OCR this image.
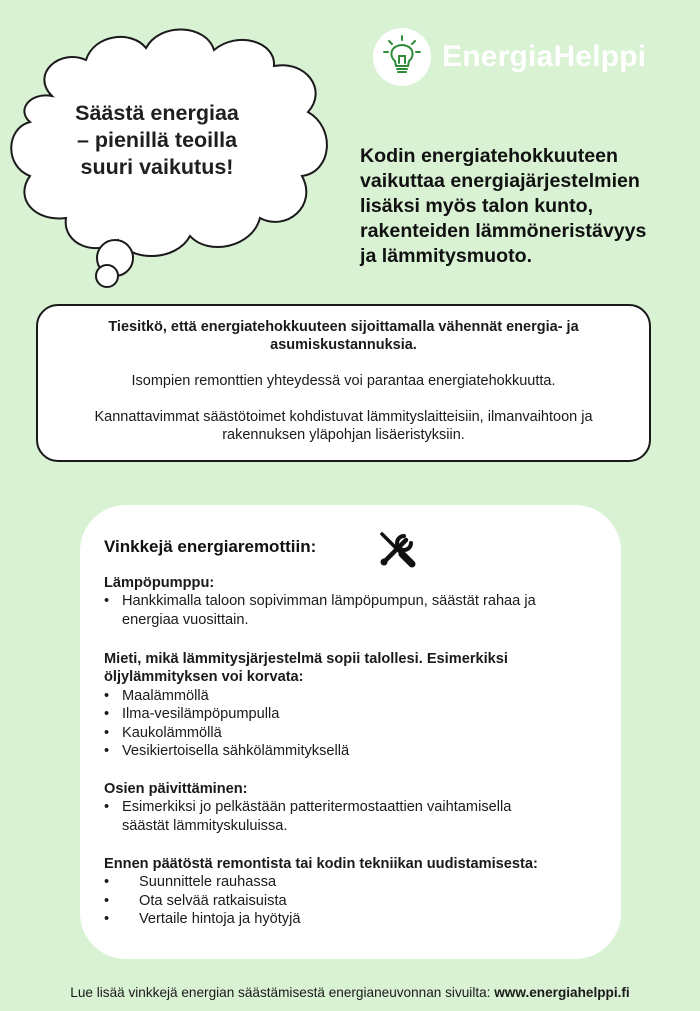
EnergiaHelppi
Säästä energiaa
– pienillä teoilla
suuri vaikutus!	Kodin energiatehokkuuteen
vaikuttaa energiajärjestelmien
lisäksi myös talon kunto,
rakenteiden lämmöneristävyys
ja lämmitysmuoto.

Tiesitkö, että energiatehokkuuteen sijoittamalla vähennät energia- ja

asumiskustannuksia.

Isompien remonttien yhteydessä voi parantaa energiatehokkuutta.

Kannattavimmat säästötoimet kohdistuvat lämmityslaitteisiin, ilmanvaihtoon ja

rakennuksen yläpohjan lisäeristyksiin.

Vinkkejä energiaremottiin:
Lämpöpumppu:
• Hankkimalla taloon sopivimman lämpöpumpun, säästät rahaa ja
energiaa vuosittain.
Mieti, mikä lämmitysjärjestelmä sopii talollesi. Esimerkiksi
öljylämmityksen voi korvata:
• Maalämmöllä
• Ilma-vesilämpöpumpulla
• Kaukolämmöllä
• Vesikiertoisella sähkölämmityksellä
Osien päivittäminen:
• Esimerkiksi jo pelkästään patteritermostaattien vaihtamisella
säästät lämmityskuluissa.
Ennen päätöstä remontista tai kodin tekniikan uudistamisesta:
• Suunnittele rauhassa
• Ota selvää ratkaisuista
• Vertaile hintoja ja hyötyjä
Lue lisää vinkkejä energian säästämisestä energianeuvonnan sivuilta: www.energiahelppi.fi
